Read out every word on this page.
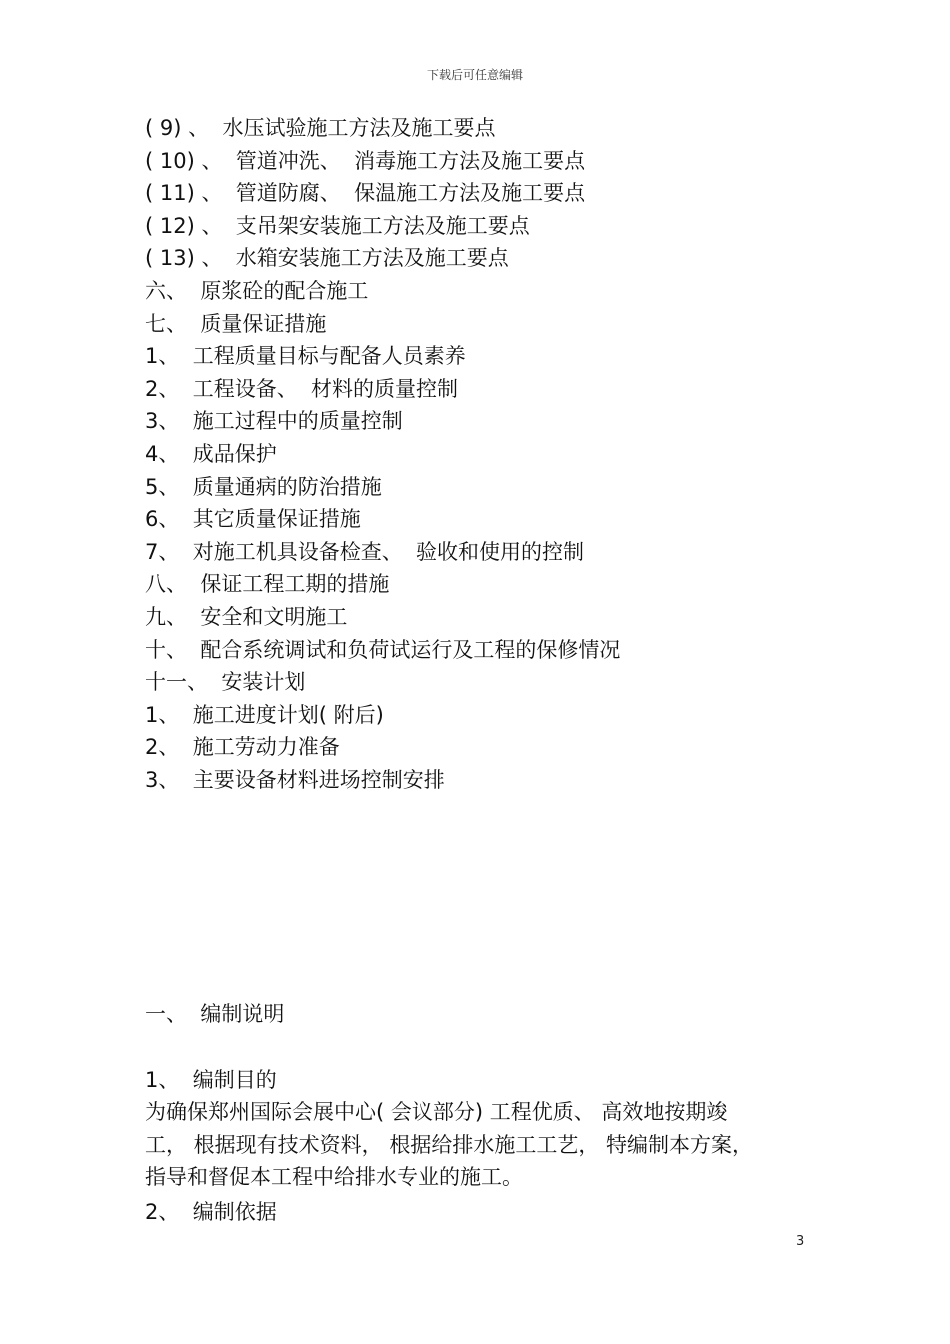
下载后可任意编辑
( 9) 、  水压试验施工方法及施工要点
( 10) 、  管道冲洗、  消毒施工方法及施工要点
( 11) 、  管道防腐、  保温施工方法及施工要点
( 12) 、  支吊架安装施工方法及施工要点
( 13) 、  水箱安装施工方法及施工要点
六、  原浆砼的配合施工
七、  质量保证措施
1、  工程质量目标与配备人员素养
2、  工程设备、  材料的质量控制
3、  施工过程中的质量控制
4、  成品保护
5、  质量通病的防治措施
6、  其它质量保证措施
7、  对施工机具设备检查、  验收和使用的控制
八、  保证工程工期的措施
九、  安全和文明施工
十、  配合系统调试和负荷试运行及工程的保修情况
十一、  安装计划
1、  施工进度计划( 附后)
2、  施工劳动力准备
3、  主要设备材料进场控制安排
一、  编制说明
1、  编制目的

为确保郑州国际会展中心( 会议部分) 工程优质、 高效地按期竣

工， 根据现有技术资料， 根据给排水施工工艺， 特编制本方案，

指导和督促本工程中给排水专业的施工。

2、  编制依据
3
